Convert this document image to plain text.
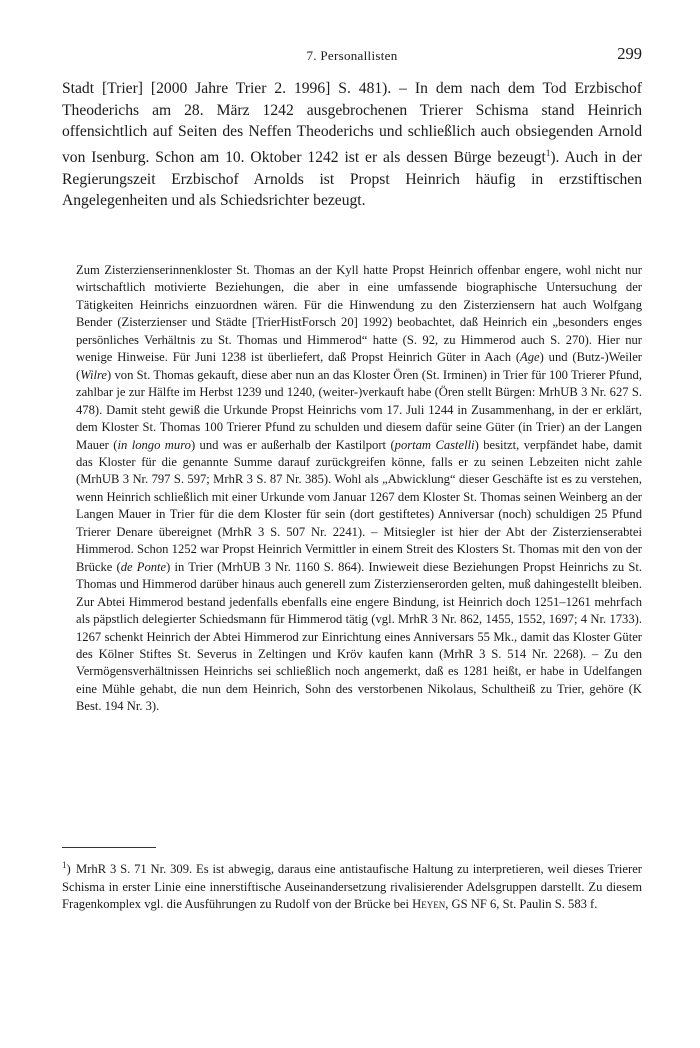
7. Personallisten	299

Stadt [Trier] [2000 Jahre Trier 2. 1996] S. 481). – In dem nach dem Tod Erzbischof Theoderichs am 28. März 1242 ausgebrochenen Trierer Schisma stand Heinrich offensichtlich auf Seiten des Neffen Theoderichs und schließlich auch obsiegenden Arnold von Isenburg. Schon am 10. Oktober 1242 ist er als dessen Bürge bezeugt$^1$). Auch in der Regierungszeit Erzbischof Arnolds ist Propst Heinrich häufig in erzstiftischen Angelegenheiten und als Schiedsrichter bezeugt.

Zum Zisterzienserinnenkloster St. Thomas an der Kyll hatte Propst Heinrich offenbar engere, wohl nicht nur wirtschaftlich motivierte Beziehungen, die aber in eine umfassende biographische Untersuchung der Tätigkeiten Heinrichs einzuordnen wären. Für die Hinwendung zu den Zisterziensern hat auch Wolfgang Bender (Zisterzienser und Städte [TrierHistForsch 20] 1992) beobachtet, daß Heinrich ein „besonders enges persönliches Verhältnis zu St. Thomas und Himmerod“ hatte (S. 92, zu Himmerod auch S. 270). Hier nur wenige Hinweise. Für Juni 1238 ist überliefert, daß Propst Heinrich Güter in Aach (Age) und (Butz-)Weiler (Wilre) von St. Thomas gekauft, diese aber nun an das Kloster Ören (St. Irminen) in Trier für 100 Trierer Pfund, zahlbar je zur Hälfte im Herbst 1239 und 1240, (weiter-)verkauft habe (Ören stellt Bürgen: MrhUB 3 Nr. 627 S. 478). Damit steht gewiß die Urkunde Propst Heinrichs vom 17. Juli 1244 in Zusammenhang, in der er erklärt, dem Kloster St. Thomas 100 Trierer Pfund zu schulden und diesem dafür seine Güter (in Trier) an der Langen Mauer (in longo muro) und was er außerhalb der Kastilport (portam Castelli) besitzt, verpfändet habe, damit das Kloster für die genannte Summe darauf zurückgreifen könne, falls er zu seinen Lebzeiten nicht zahle (MrhUB 3 Nr. 797 S. 597; MrhR 3 S. 87 Nr. 385). Wohl als „Abwicklung“ dieser Geschäfte ist es zu verstehen, wenn Heinrich schließlich mit einer Urkunde vom Januar 1267 dem Kloster St. Thomas seinen Weinberg an der Langen Mauer in Trier für die dem Kloster für sein (dort gestiftetes) Anniversar (noch) schuldigen 25 Pfund Trierer Denare übereignet (MrhR 3 S. 507 Nr. 2241). – Mitsiegler ist hier der Abt der Zisterzienserabtei Himmerod. Schon 1252 war Propst Heinrich Vermittler in einem Streit des Klosters St. Thomas mit den von der Brücke (de Ponte) in Trier (MrhUB 3 Nr. 1160 S. 864). Inwieweit diese Beziehungen Propst Heinrichs zu St. Thomas und Himmerod darüber hinaus auch generell zum Zisterzienserorden gelten, muß dahingestellt bleiben. Zur Abtei Himmerod bestand jedenfalls ebenfalls eine engere Bindung, ist Heinrich doch 1251–1261 mehrfach als päpstlich delegierter Schiedsmann für Himmerod tätig (vgl. MrhR 3 Nr. 862, 1455, 1552, 1697; 4 Nr. 1733). 1267 schenkt Heinrich der Abtei Himmerod zur Einrichtung eines Anniversars 55 Mk., damit das Kloster Güter des Kölner Stiftes St. Severus in Zeltingen und Kröv kaufen kann (MrhR 3 S. 514 Nr. 2268). – Zu den Vermögensverhältnissen Heinrichs sei schließlich noch angemerkt, daß es 1281 heißt, er habe in Udelfangen eine Mühle gehabt, die nun dem Heinrich, Sohn des verstorbenen Nikolaus, Schultheiß zu Trier, gehöre (K Best. 194 Nr. 3).

$^1$) MrhR 3 S. 71 Nr. 309. Es ist abwegig, daraus eine antistaufische Haltung zu interpretieren, weil dieses Trierer Schisma in erster Linie eine innerstiftische Auseinandersetzung rivalisierender Adelsgruppen darstellt. Zu diesem Fragenkomplex vgl. die Ausführungen zu Rudolf von der Brücke bei Heyen, GS NF 6, St. Paulin S. 583 f.
